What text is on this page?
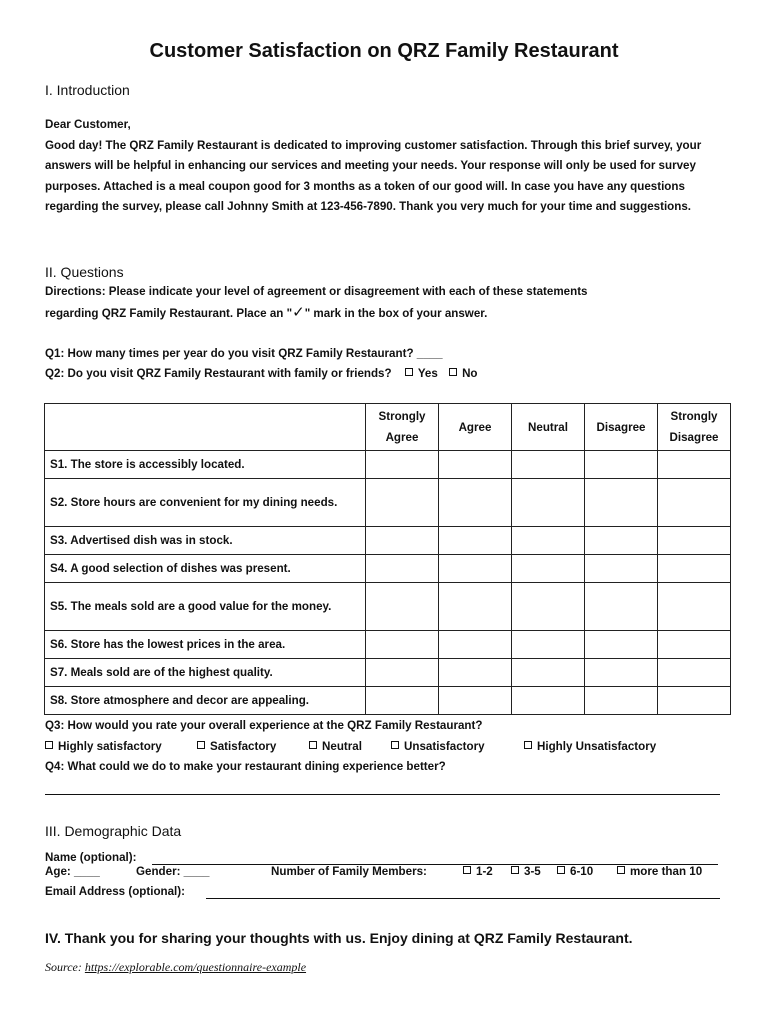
Customer Satisfaction on QRZ Family Restaurant
I. Introduction
Dear Customer,
Good day! The QRZ Family Restaurant is dedicated to improving customer satisfaction. Through this brief survey, your answers will be helpful in enhancing our services and meeting your needs. Your response will only be used for survey purposes. Attached is a meal coupon good for 3 months as a token of our good will. In case you have any questions regarding the survey, please call Johnny Smith at 123-456-7890. Thank you very much for your time and suggestions.
II. Questions
Directions: Please indicate your level of agreement or disagreement with each of these statements
regarding QRZ Family Restaurant. Place an "✓" mark in the box of your answer.
Q1: How many times per year do you visit QRZ Family Restaurant? ____
Q2: Do you visit QRZ Family Restaurant with family or friends? Yes No
	Strongly Agree	Agree	Neutral	Disagree	Strongly Disagree
S1. The store is accessibly located.					
S2. Store hours are convenient for my dining needs.					
S3. Advertised dish was in stock.					
S4. A good selection of dishes was present.					
S5. The meals sold are a good value for the money.					
S6. Store has the lowest prices in the area.					
S7. Meals sold are of the highest quality.					
S8. Store atmosphere and decor are appealing.					
Q3: How would you rate your overall experience at the QRZ Family Restaurant?
Highly satisfactory	Satisfactory	Neutral	Unsatisfactory	Highly Unsatisfactory
Q4: What could we do to make your restaurant dining experience better?
III. Demographic Data
Name (optional):
Age: ____	Gender: ____	Number of Family Members:	1-2	3-5	6-10	more than 10
Email Address (optional):
IV. Thank you for sharing your thoughts with us. Enjoy dining at QRZ Family Restaurant.
Source: https://explorable.com/questionnaire-example
